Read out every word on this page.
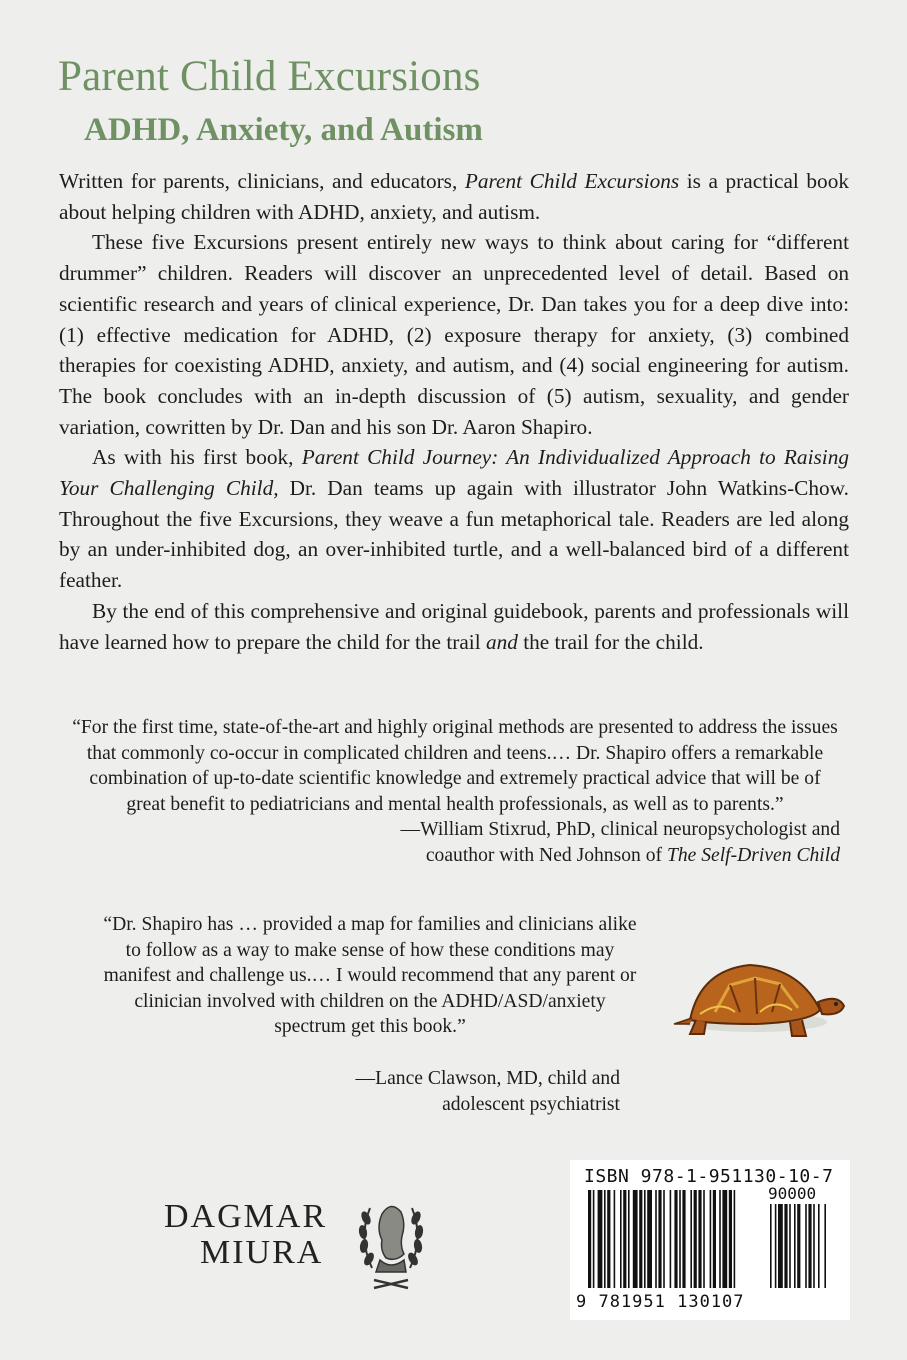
Parent Child Excursions
ADHD, Anxiety, and Autism

Written for parents, clinicians, and educators, Parent Child Excursions is a practical book about helping children with ADHD, anxiety, and autism.

These five Excursions present entirely new ways to think about caring for “different drummer” children. Readers will discover an unprecedented level of detail. Based on scientific research and years of clinical experience, Dr. Dan takes you for a deep dive into: (1) effective medication for ADHD, (2) exposure therapy for anxiety, (3) combined therapies for coexisting ADHD, anxiety, and autism, and (4) social engineering for autism. The book concludes with an in-depth discussion of (5) autism, sexuality, and gender variation, cowritten by Dr. Dan and his son Dr. Aaron Shapiro.

As with his first book, Parent Child Journey: An Individualized Approach to Raising Your Challenging Child, Dr. Dan teams up again with illustrator John Watkins-Chow. Throughout the five Excursions, they weave a fun metaphorical tale. Readers are led along by an under-inhibited dog, an over-inhibited turtle, and a well-balanced bird of a different feather.

By the end of this comprehensive and original guidebook, parents and professionals will have learned how to prepare the child for the trail and the trail for the child.

“For the first time, state-of-the-art and highly original methods are presented to address the issues that commonly co-occur in complicated children and teens.… Dr. Shapiro offers a remarkable combination of up-to-date scientific knowledge and extremely practical advice that will be of great benefit to pediatricians and mental health professionals, as well as to parents.”

—William Stixrud, PhD, clinical neuropsychologist and

coauthor with Ned Johnson of The Self-Driven Child

“Dr. Shapiro has … provided a map for families and clinicians alike to follow as a way to make sense of how these conditions may manifest and challenge us.… I would recommend that any parent or clinician involved with children on the ADHD/ASD/anxiety spectrum get this book.”

—Lance Clawson, MD, child and

adolescent psychiatrist

DAGMAR
MIURA
ISBN 978-1-951130-10-7
90000
9 781951 130107
